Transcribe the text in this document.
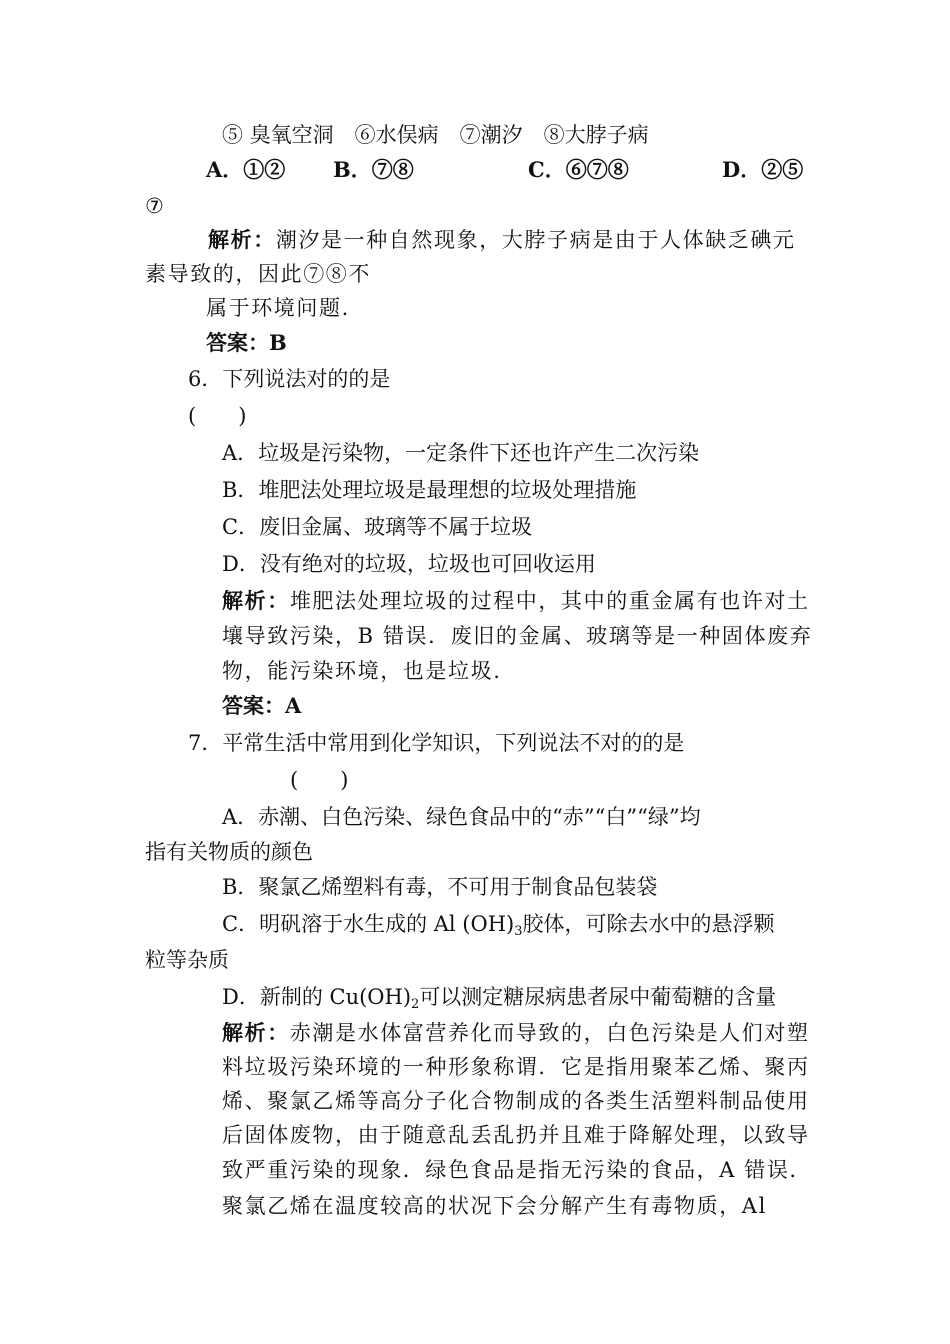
⑤ 臭氧空洞　⑥水俣病　⑦潮汐　⑧大脖子病
A．①② B．⑦⑧	C．⑥⑦⑧	D．②⑤
⑦
解析：潮汐是一种自然现象，大脖子病是由于人体缺乏碘元
素导致的，因此⑦⑧不
属于环境问题.
答案：B
6．下列说法对的的是
(　　)
A．垃圾是污染物，一定条件下还也许产生二次污染
B．堆肥法处理垃圾是最理想的垃圾处理措施
C．废旧金属、玻璃等不属于垃圾
D．没有绝对的垃圾，垃圾也可回收运用
解析：堆肥法处理垃圾的过程中，其中的重金属有也许对土
壤导致污染，B 错误．废旧的金属、玻璃等是一种固体废弃
物，能污染环境，也是垃圾.
答案：A
7．平常生活中常用到化学知识，下列说法不对的的是
(　　)
A．赤潮、白色污染、绿色食品中的“赤”“白”“绿”均
指有关物质的颜色
B．聚氯乙烯塑料有毒，不可用于制食品包装袋
C．明矾溶于水生成的 Al $(OH)_3$胶体，可除去水中的悬浮颗
粒等杂质
D．新制的 $Cu(OH)_2$可以测定糖尿病患者尿中葡萄糖的含量
解析：赤潮是水体富营养化而导致的，白色污染是人们对塑
料垃圾污染环境的一种形象称谓．它是指用聚苯乙烯、聚丙
烯、聚氯乙烯等高分子化合物制成的各类生活塑料制品使用
后固体废物，由于随意乱丢乱扔并且难于降解处理，以致导
致严重污染的现象．绿色食品是指无污染的食品，A 错误．
聚氯乙烯在温度较高的状况下会分解产生有毒物质，Al
